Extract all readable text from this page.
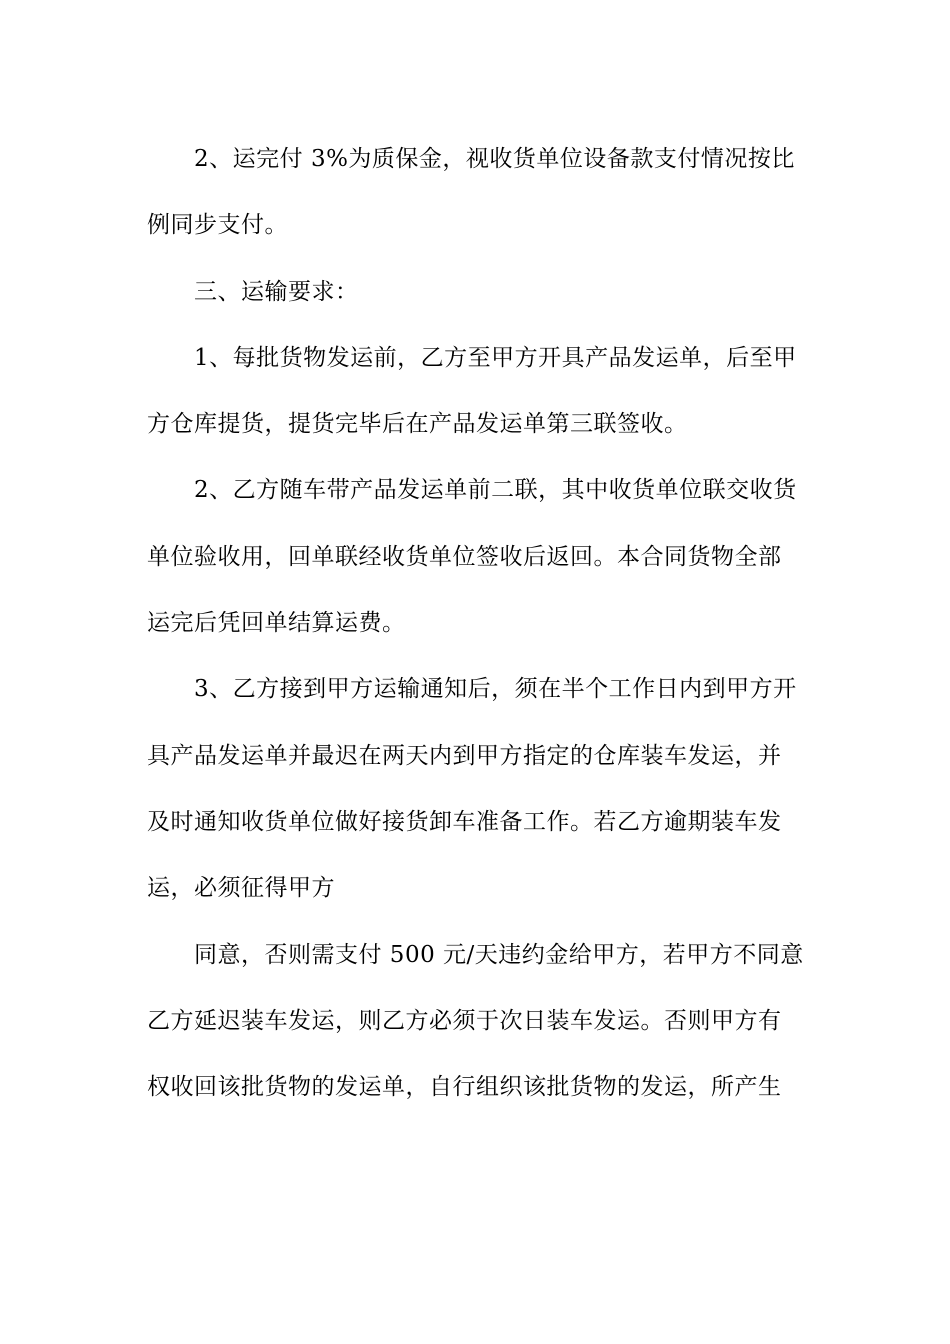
2、运完付 3%为质保金，视收货单位设备款支付情况按比
例同步支付。
三、运输要求：
1、每批货物发运前，乙方至甲方开具产品发运单，后至甲
方仓库提货，提货完毕后在产品发运单第三联签收。
2、乙方随车带产品发运单前二联，其中收货单位联交收货
单位验收用，回单联经收货单位签收后返回。本合同货物全部
运完后凭回单结算运费。
3、乙方接到甲方运输通知后，须在半个工作日内到甲方开
具产品发运单并最迟在两天内到甲方指定的仓库装车发运，并
及时通知收货单位做好接货卸车准备工作。若乙方逾期装车发
运，必须征得甲方
同意，否则需支付 500 元/天违约金给甲方，若甲方不同意
乙方延迟装车发运，则乙方必须于次日装车发运。否则甲方有
权收回该批货物的发运单，自行组织该批货物的发运，所产生
